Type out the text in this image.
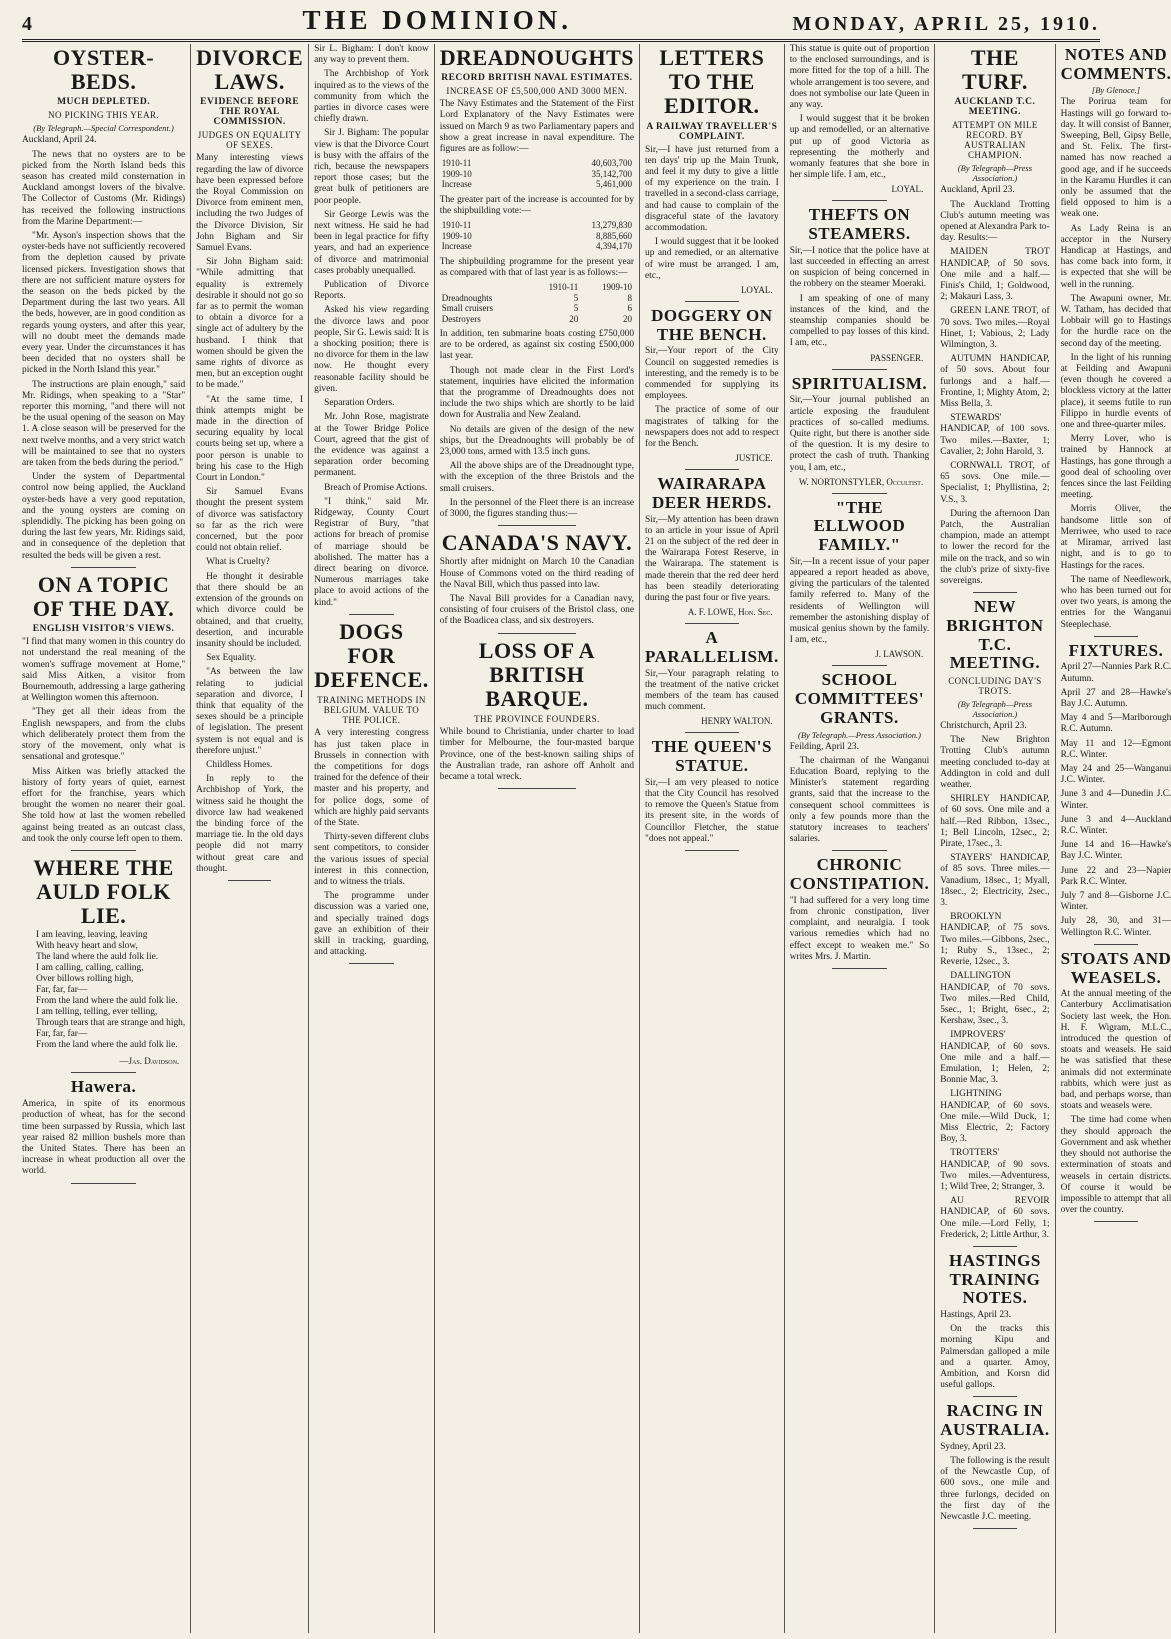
4	THE DOMINION.	MONDAY, APRIL 25, 1910.
OYSTER-BEDS.
MUCH DEPLETED.
NO PICKING THIS YEAR.
(By Telegraph.—Special Correspondent.)

Auckland, April 24.

The news that no oysters are to be picked from the North Island beds this season has created mild consternation in Auckland amongst lovers of the bivalve. The Collector of Customs (Mr. Ridings) has received the following instructions from the Marine Department:—

"Mr. Ayson's inspection shows that the oyster-beds have not sufficiently recovered from the depletion caused by private licensed pickers. Investigation shows that there are not sufficient mature oysters for the season on the beds picked by the Department during the last two years. All the beds, however, are in good condition as regards young oysters, and after this year, will no doubt meet the demands made every year. Under the circumstances it has been decided that no oysters shall be picked in the North Island this year."

The instructions are plain enough," said Mr. Ridings, when speaking to a "Star" reporter this morning, "and there will not be the usual opening of the season on May 1. A close season will be preserved for the next twelve months, and a very strict watch will be maintained to see that no oysters are taken from the beds during the period."

Under the system of Departmental control now being applied, the Auckland oyster-beds have a very good reputation, and the young oysters are coming on splendidly. The picking has been going on during the last few years, Mr. Ridings said, and in consequence of the depletion that resulted the beds will be given a rest.

ON A TOPIC OF THE DAY.
ENGLISH VISITOR'S VIEWS.

"I find that many women in this country do not understand the real meaning of the women's suffrage movement at Home," said Miss Aitken, a visitor from Bournemouth, addressing a large gathering at Wellington women this afternoon.

"They get all their ideas from the English newspapers, and from the clubs which deliberately protect them from the story of the movement, only what is sensational and grotesque."

Miss Aitken was briefly attacked the history of forty years of quiet, earnest effort for the franchise, years which brought the women no nearer their goal. She told how at last the women rebelled against being treated as an outcast class, and took the only course left open to them.

WHERE THE AULD FOLK LIE.
I am leaving, leaving, leaving
With heavy heart and slow,
The land where the auld folk lie.
I am calling, calling, calling,
Over billows rolling high,
Far, far, far—
From the land where the auld folk lie.
I am telling, telling, ever telling,
Through tears that are strange and high,
Far, far, far—
From the land where the auld folk lie.
—Jas. Davidson.
Hawera.

America, in spite of its enormous production of wheat, has for the second time been surpassed by Russia, which last year raised 82 million bushels more than the United States. There has been an increase in wheat production all over the world.

DIVORCE LAWS.
EVIDENCE BEFORE THE ROYAL COMMISSION.
JUDGES ON EQUALITY OF SEXES.

Many interesting views regarding the law of divorce have been expressed before the Royal Commission on Divorce from eminent men, including the two Judges of the Divorce Division, Sir John Bigham and Sir Samuel Evans.

Sir John Bigham said: "While admitting that equality is extremely desirable it should not go so far as to permit the woman to obtain a divorce for a single act of adultery by the husband. I think that women should be given the same rights of divorce as men, but an exception ought to be made."

"At the same time, I think attempts might be made in the direction of securing equality by local courts being set up, where a poor person is unable to bring his case to the High Court in London."

Sir Samuel Evans thought the present system of divorce was satisfactory so far as the rich were concerned, but the poor could not obtain relief.

What is Cruelty?

He thought it desirable that there should be an extension of the grounds on which divorce could be obtained, and that cruelty, desertion, and incurable insanity should be included.

Sex Equality.

"As between the law relating to judicial separation and divorce, I think that equality of the sexes should be a principle of legislation. The present system is not equal and is therefore unjust."

Childless Homes.

In reply to the Archbishop of York, the witness said he thought the divorce law had weakened the binding force of the marriage tie. In the old days people did not marry without great care and thought.

Sir L. Bigham: I don't know any way to prevent them.

The Archbishop of York inquired as to the views of the community from which the parties in divorce cases were chiefly drawn.

Sir J. Bigham: The popular view is that the Divorce Court is busy with the affairs of the rich, because the newspapers report those cases; but the great bulk of petitioners are poor people.

Sir George Lewis was the next witness. He said he had been in legal practice for fifty years, and had an experience of divorce and matrimonial cases probably unequalled.

Publication of Divorce Reports.

Asked his view regarding the divorce laws and poor people, Sir G. Lewis said: It is a shocking position; there is no divorce for them in the law now. He thought every reasonable facility should be given.

Separation Orders.

Mr. John Rose, magistrate at the Tower Bridge Police Court, agreed that the gist of the evidence was against a separation order becoming permanent.

Breach of Promise Actions.

"I think," said Mr. Ridgeway, County Court Registrar of Bury, "that actions for breach of promise of marriage should be abolished. The matter has a direct bearing on divorce. Numerous marriages take place to avoid actions of the kind."

DOGS FOR DEFENCE.
TRAINING METHODS IN BELGIUM. VALUE TO THE POLICE.

A very interesting congress has just taken place in Brussels in connection with the competitions for dogs trained for the defence of their master and his property, and for police dogs, some of which are highly paid servants of the State.

Thirty-seven different clubs sent competitors, to consider the various issues of special interest in this connection, and to witness the trials.

The programme under discussion was a varied one, and specially trained dogs gave an exhibition of their skill in tracking, guarding, and attacking.

DREADNOUGHTS
RECORD BRITISH NAVAL ESTIMATES.
INCREASE OF £5,500,000 AND 3000 MEN.

The Navy Estimates and the Statement of the First Lord Explanatory of the Navy Estimates were issued on March 9 as two Parliamentary papers and show a great increase in naval expenditure. The figures are as follow:—

1910-11	40,603,700
1909-10	35,142,700
Increase	5,461,000

The greater part of the increase is accounted for by the shipbuilding vote:—

1910-11	13,279,830
1909-10	8,885,660
Increase	4,394,170

The shipbuilding programme for the present year as compared with that of last year is as follows:—

	1910-11	1909-10
Dreadnoughts	5	8
Small cruisers	5	6
Destroyers	20	20

In addition, ten submarine boats costing £750,000 are to be ordered, as against six costing £500,000 last year.

Though not made clear in the First Lord's statement, inquiries have elicited the information that the programme of Dreadnoughts does not include the two ships which are shortly to be laid down for Australia and New Zealand.

No details are given of the design of the new ships, but the Dreadnoughts will probably be of 23,000 tons, armed with 13.5 inch guns.

All the above ships are of the Dreadnought type, with the exception of the three Bristols and the small cruisers.

In the personnel of the Fleet there is an increase of 3000, the figures standing thus:—

CANADA'S NAVY.

Shortly after midnight on March 10 the Canadian House of Commons voted on the third reading of the Naval Bill, which thus passed into law.

The Naval Bill provides for a Canadian navy, consisting of four cruisers of the Bristol class, one of the Boadicea class, and six destroyers.

LOSS OF A BRITISH BARQUE.
THE PROVINCE FOUNDERS.

While bound to Christiania, under charter to load timber for Melbourne, the four-masted barque Province, one of the best-known sailing ships of the Australian trade, ran ashore off Anholt and became a total wreck.

LETTERS TO THE EDITOR.
A RAILWAY TRAVELLER'S COMPLAINT.

Sir,—I have just returned from a ten days' trip up the Main Trunk, and feel it my duty to give a little of my experience on the train. I travelled in a second-class carriage, and had cause to complain of the disgraceful state of the lavatory accommodation.

I would suggest that it be looked up and remedied, or an alternative of wire must be arranged. I am, etc.,

LOYAL.
DOGGERY ON THE BENCH.

Sir,—Your report of the City Council on suggested remedies is interesting, and the remedy is to be commended for supplying its employees.

The practice of some of our magistrates of talking for the newspapers does not add to respect for the Bench.

JUSTICE.
WAIRARAPA DEER HERDS.

Sir,—My attention has been drawn to an article in your issue of April 21 on the subject of the red deer in the Wairarapa Forest Reserve, in the Wairarapa. The statement is made therein that the red deer herd has been steadily deteriorating during the past four or five years.

A. F. LOWE, Hon. Sec.
A PARALLELISM.

Sir,—Your paragraph relating to the treatment of the native cricket members of the team has caused much comment.

HENRY WALTON.
THE QUEEN'S STATUE.

Sir,—I am very pleased to notice that the City Council has resolved to remove the Queen's Statue from its present site, in the words of Councillor Fletcher, the statue "does not appeal."

This statue is quite out of proportion to the enclosed surroundings, and is more fitted for the top of a hill. The whole arrangement is too severe, and does not symbolise our late Queen in any way.

I would suggest that it be broken up and remodelled, or an alternative put up of good Victoria as representing the motherly and womanly features that she bore in her simple life. I am, etc.,

LOYAL.
THEFTS ON STEAMERS.

Sir,—I notice that the police have at last succeeded in effecting an arrest on suspicion of being concerned in the robbery on the steamer Moeraki.

I am speaking of one of many instances of the kind, and the steamship companies should be compelled to pay losses of this kind. I am, etc.,

PASSENGER.
SPIRITUALISM.

Sir,—Your journal published an article exposing the fraudulent practices of so-called mediums. Quite right, but there is another side of the question. It is my desire to protect the cash of truth. Thanking you, I am, etc.,

W. NORTONSTYLER, Occultist.
"THE ELLWOOD FAMILY."

Sir,—In a recent issue of your paper appeared a report headed as above, giving the particulars of the talented family referred to. Many of the residents of Wellington will remember the astonishing display of musical genius shown by the family. I am, etc.,

J. LAWSON.
SCHOOL COMMITTEES' GRANTS.
(By Telegraph.—Press Association.)

Feilding, April 23.

The chairman of the Wanganui Education Board, replying to the Minister's statement regarding grants, said that the increase to the consequent school committees is only a few pounds more than the statutory increases to teachers' salaries.

CHRONIC CONSTIPATION.

"I had suffered for a very long time from chronic constipation, liver complaint, and neuralgia. I took various remedies which had no effect except to weaken me." So writes Mrs. J. Martin.

THE TURF.
AUCKLAND T.C. MEETING.
ATTEMPT ON MILE RECORD. BY AUSTRALIAN CHAMPION.
(By Telegraph—Press Association.)

Auckland, April 23.

The Auckland Trotting Club's autumn meeting was opened at Alexandra Park to-day. Results:—

MAIDEN TROT HANDICAP, of 50 sovs. One mile and a half.—Finis's Child, 1; Goldwood, 2; Makauri Lass, 3.

GREEN LANE TROT, of 70 sovs. Two miles.—Royal Hinet, 1; Vabious, 2; Lady Wilmington, 3.

AUTUMN HANDICAP, of 50 sovs. About four furlongs and a half.—Frontine, 1; Mighty Atom, 2; Miss Bella, 3.

STEWARDS' HANDICAP, of 100 sovs. Two miles.—Baxter, 1; Cavalier, 2; John Harold, 3.

CORNWALL TROT, of 65 sovs. One mile.—Specialist, 1; Phyllistina, 2; V.S., 3.

During the afternoon Dan Patch, the Australian champion, made an attempt to lower the record for the mile on the track, and so win the club's prize of sixty-five sovereigns.

NEW BRIGHTON T.C. MEETING.
CONCLUDING DAY'S TROTS.
(By Telegraph—Press Association.)

Christchurch, April 23.

The New Brighton Trotting Club's autumn meeting concluded to-day at Addington in cold and dull weather.

SHIRLEY HANDICAP, of 60 sovs. One mile and a half.—Red Ribbon, 13sec., 1; Bell Lincoln, 12sec., 2; Pirate, 17sec., 3.

STAYERS' HANDICAP, of 85 sovs. Three miles.—Vanadium, 18sec., 1; Myall, 18sec., 2; Electricity, 2sec., 3.

BROOKLYN HANDICAP, of 75 sovs. Two miles.—Gibbons, 2sec., 1; Ruby S., 13sec., 2; Reverie, 12sec., 3.

DALLINGTON HANDICAP, of 70 sovs. Two miles.—Red Child, 5sec., 1; Bright, 6sec., 2; Kershaw, 3sec., 3.

IMPROVERS' HANDICAP, of 60 sovs. One mile and a half.—Emulation, 1; Helen, 2; Bonnie Mac, 3.

LIGHTNING HANDICAP, of 60 sovs. One mile.—Wild Duck, 1; Miss Electric, 2; Factory Boy, 3.

TROTTERS' HANDICAP, of 90 sovs. Two miles.—Adventuress, 1; Wild Tree, 2; Stranger, 3.

AU REVOIR HANDICAP, of 60 sovs. One mile.—Lord Felly, 1; Frederick, 2; Little Arthur, 3.

HASTINGS TRAINING NOTES.

Hastings, April 23.

On the tracks this morning Kipu and Palmersdan galloped a mile and a quarter. Amoy, Ambition, and Korsn did useful gallops.

RACING IN AUSTRALIA.

Sydney, April 23.

The following is the result of the Newcastle Cup, of 600 sovs., one mile and three furlongs, decided on the first day of the Newcastle J.C. meeting.

NOTES AND COMMENTS.
[By Glenoce.]

The Porirua team for Hastings will go forward to-day. It will consist of Banner, Sweeping, Bell, Gipsy Belle, and St. Felix. The first-named has now reached a good age, and if he succeeds in the Karamu Hurdles it can only be assumed that the field opposed to him is a weak one.

As Lady Reina is an acceptor in the Nursery Handicap at Hastings, and has come back into form, it is expected that she will be well in the running.

The Awapuni owner, Mr. W. Tatham, has decided that Lobbair will go to Hastings for the hurdle race on the second day of the meeting.

In the light of his running at Feilding and Awapuni (even though he covered a blockless victory at the latter place), it seems futile to run Filippo in hurdle events of one and three-quarter miles.

Merry Lover, who is trained by Hannock at Hastings, has gone through a good deal of schooling over fences since the last Feilding meeting.

Morris Oliver, the handsome little son of Merriwee, who used to race at Miramar, arrived last night, and is to go to Hastings for the races.

The name of Needlework, who has been turned out for over two years, is among the entries for the Wanganui Steeplechase.

FIXTURES.

April 27—Nannies Park R.C. Autumn.

April 27 and 28—Hawke's Bay J.C. Autumn.

May 4 and 5—Marlborough R.C. Autumn.

May 11 and 12—Egmont R.C. Winter.

May 24 and 25—Wanganui J.C. Winter.

June 3 and 4—Dunedin J.C. Winter.

June 3 and 4—Auckland R.C. Winter.

June 14 and 16—Hawke's Bay J.C. Winter.

June 22 and 23—Napier Park R.C. Winter.

July 7 and 8—Gisborne J.C. Winter.

July 28, 30, and 31—Wellington R.C. Winter.

STOATS AND WEASELS.

At the annual meeting of the Canterbury Acclimatisation Society last week, the Hon. H. F. Wigram, M.L.C., introduced the question of stoats and weasels. He said he was satisfied that these animals did not exterminate rabbits, which were just as bad, and perhaps worse, than stoats and weasels were.

The time had come when they should approach the Government and ask whether they should not authorise the extermination of stoats and weasels in certain districts. Of course it would be impossible to attempt that all over the country.
